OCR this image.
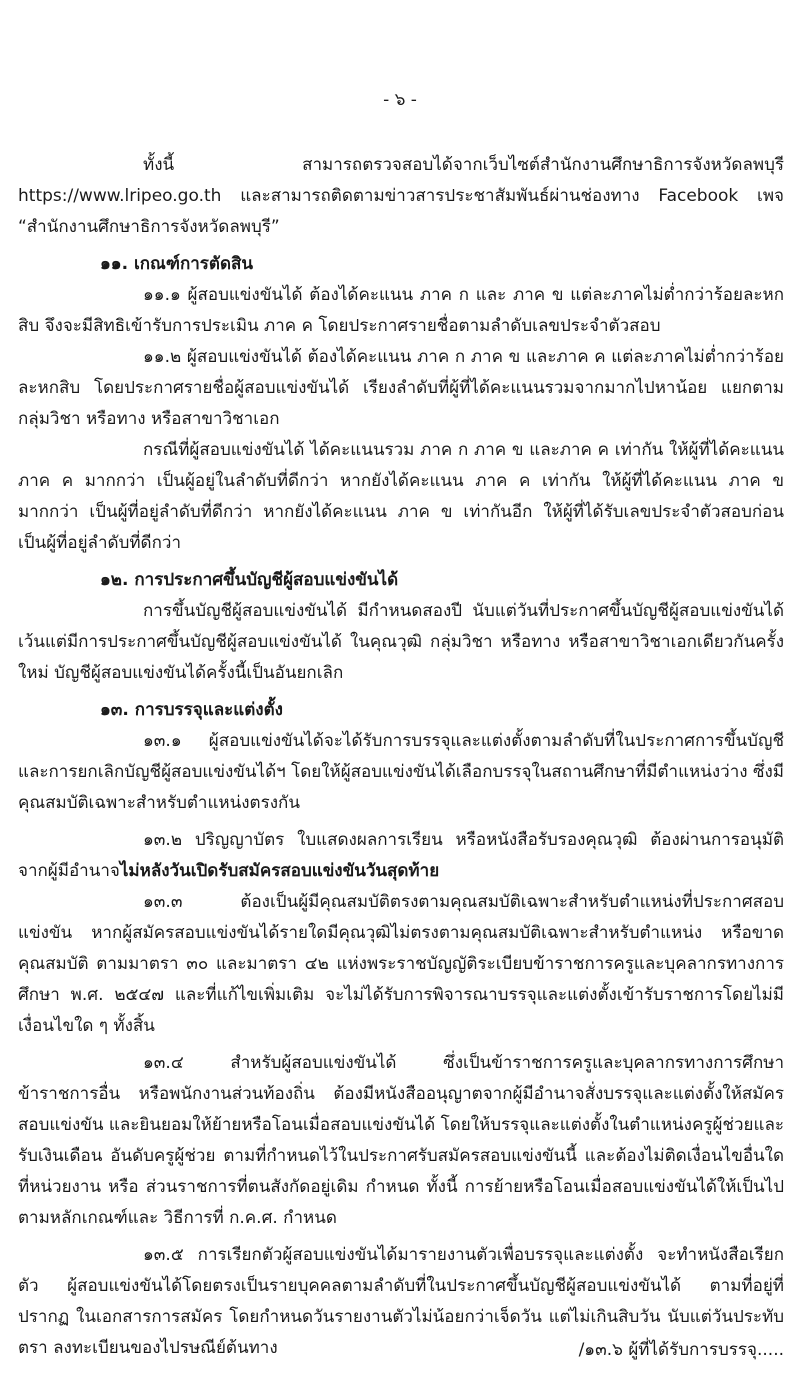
- ๖ -

ทั้งนี้ สามารถตรวจสอบได้จากเว็บไซต์สำนักงานศึกษาธิการจังหวัดลพบุรี https://www.lripeo.go.th และสามารถติดตามข่าวสารประชาสัมพันธ์ผ่านช่องทาง Facebook เพจ “สำนักงานศึกษาธิการจังหวัดลพบุรี”

๑๑. เกณฑ์การตัดสิน

๑๑.๑ ผู้สอบแข่งขันได้ ต้องได้คะแนน ภาค ก และ ภาค ข แต่ละภาคไม่ต่ำกว่าร้อยละหกสิบ จึงจะมีสิทธิเข้ารับการประเมิน ภาค ค โดยประกาศรายชื่อตามลำดับเลขประจำตัวสอบ

๑๑.๒ ผู้สอบแข่งขันได้ ต้องได้คะแนน ภาค ก ภาค ข และภาค ค แต่ละภาคไม่ต่ำกว่าร้อยละหกสิบ โดยประกาศรายชื่อผู้สอบแข่งขันได้ เรียงลำดับที่ผู้ที่ได้คะแนนรวมจากมากไปหาน้อย แยกตามกลุ่มวิชา หรือทาง หรือสาขาวิชาเอก

กรณีที่ผู้สอบแข่งขันได้ ได้คะแนนรวม ภาค ก ภาค ข และภาค ค เท่ากัน ให้ผู้ที่ได้คะแนน ภาค ค มากกว่า เป็นผู้อยู่ในลำดับที่ดีกว่า หากยังได้คะแนน ภาค ค เท่ากัน ให้ผู้ที่ได้คะแนน ภาค ข มากกว่า เป็นผู้ที่อยู่ลำดับที่ดีกว่า หากยังได้คะแนน ภาค ข เท่ากันอีก ให้ผู้ที่ได้รับเลขประจำตัวสอบก่อน เป็นผู้ที่อยู่ลำดับที่ดีกว่า

๑๒. การประกาศขึ้นบัญชีผู้สอบแข่งขันได้

การขึ้นบัญชีผู้สอบแข่งขันได้ มีกำหนดสองปี นับแต่วันที่ประกาศขึ้นบัญชีผู้สอบแข่งขันได้ เว้นแต่มีการประกาศขึ้นบัญชีผู้สอบแข่งขันได้ ในคุณวุฒิ กลุ่มวิชา หรือทาง หรือสาขาวิชาเอกเดียวกันครั้งใหม่ บัญชีผู้สอบแข่งขันได้ครั้งนี้เป็นอันยกเลิก

๑๓. การบรรจุและแต่งตั้ง

๑๓.๑ ผู้สอบแข่งขันได้จะได้รับการบรรจุและแต่งตั้งตามลำดับที่ในประกาศการขึ้นบัญชี และการยกเลิกบัญชีผู้สอบแข่งขันได้ฯ โดยให้ผู้สอบแข่งขันได้เลือกบรรจุในสถานศึกษาที่มีตำแหน่งว่าง ซึ่งมีคุณสมบัติเฉพาะสำหรับตำแหน่งตรงกัน

๑๓.๒ ปริญญาบัตร ใบแสดงผลการเรียน หรือหนังสือรับรองคุณวุฒิ ต้องผ่านการอนุมัติ จากผู้มีอำนาจไม่หลังวันเปิดรับสมัครสอบแข่งขันวันสุดท้าย

๑๓.๓ ต้องเป็นผู้มีคุณสมบัติตรงตามคุณสมบัติเฉพาะสำหรับตำแหน่งที่ประกาศสอบแข่งขัน หากผู้สมัครสอบแข่งขันได้รายใดมีคุณวุฒิไม่ตรงตามคุณสมบัติเฉพาะสำหรับตำแหน่ง หรือขาดคุณสมบัติ ตามมาตรา ๓๐ และมาตรา ๔๒ แห่งพระราชบัญญัติระเบียบข้าราชการครูและบุคลากรทางการศึกษา พ.ศ. ๒๕๔๗ และที่แก้ไขเพิ่มเติม จะไม่ได้รับการพิจารณาบรรจุและแต่งตั้งเข้ารับราชการโดยไม่มีเงื่อนไขใด ๆ ทั้งสิ้น

๑๓.๔ สำหรับผู้สอบแข่งขันได้ ซึ่งเป็นข้าราชการครูและบุคลากรทางการศึกษา ข้าราชการอื่น หรือพนักงานส่วนท้องถิ่น ต้องมีหนังสืออนุญาตจากผู้มีอำนาจสั่งบรรจุและแต่งตั้งให้สมัครสอบแข่งขัน และยินยอมให้ย้ายหรือโอนเมื่อสอบแข่งขันได้ โดยให้บรรจุและแต่งตั้งในตำแหน่งครูผู้ช่วยและรับเงินเดือน อันดับครูผู้ช่วย ตามที่กำหนดไว้ในประกาศรับสมัครสอบแข่งขันนี้ และต้องไม่ติดเงื่อนไขอื่นใดที่หน่วยงาน หรือ ส่วนราชการที่ตนสังกัดอยู่เดิม กำหนด ทั้งนี้ การย้ายหรือโอนเมื่อสอบแข่งขันได้ให้เป็นไปตามหลักเกณฑ์และ วิธีการที่ ก.ค.ศ. กำหนด

๑๓.๕ การเรียกตัวผู้สอบแข่งขันได้มารายงานตัวเพื่อบรรจุและแต่งตั้ง จะทำหนังสือเรียกตัว ผู้สอบแข่งขันได้โดยตรงเป็นรายบุคคลตามลำดับที่ในประกาศขึ้นบัญชีผู้สอบแข่งขันได้ ตามที่อยู่ที่ปรากฏ ในเอกสารการสมัคร โดยกำหนดวันรายงานตัวไม่น้อยกว่าเจ็ดวัน แต่ไม่เกินสิบวัน นับแต่วันประทับตรา ลงทะเบียนของไปรษณีย์ต้นทาง	/๑๓.๖ ผู้ที่ได้รับการบรรจุ.....
